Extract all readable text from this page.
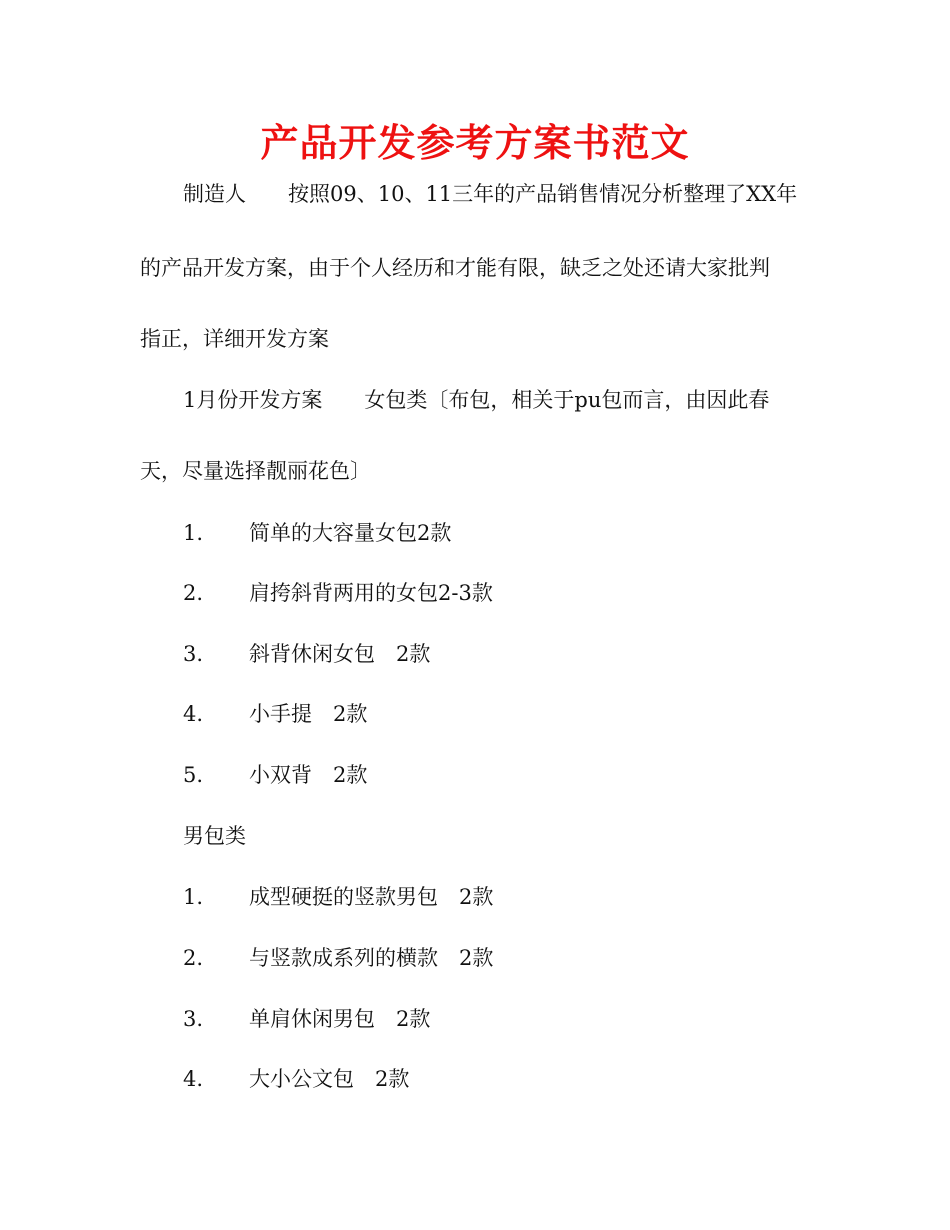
产品开发参考方案书范文
制造人 按照09、10、11三年的产品销售情况分析整理了XX年
的产品开发方案，由于个人经历和才能有限，缺乏之处还请大家批判
指正，详细开发方案
1月份开发方案 女包类〔布包，相关于pu包而言，由因此春
天，尽量选择靓丽花色〕
1. 简单的大容量女包2款
2. 肩挎斜背两用的女包2-3款
3. 斜背休闲女包　2款
4. 小手提　2款
5. 小双背　2款
男包类
1. 成型硬挺的竖款男包　2款
2. 与竖款成系列的横款　2款
3. 单肩休闲男包　2款
4. 大小公文包　2款
